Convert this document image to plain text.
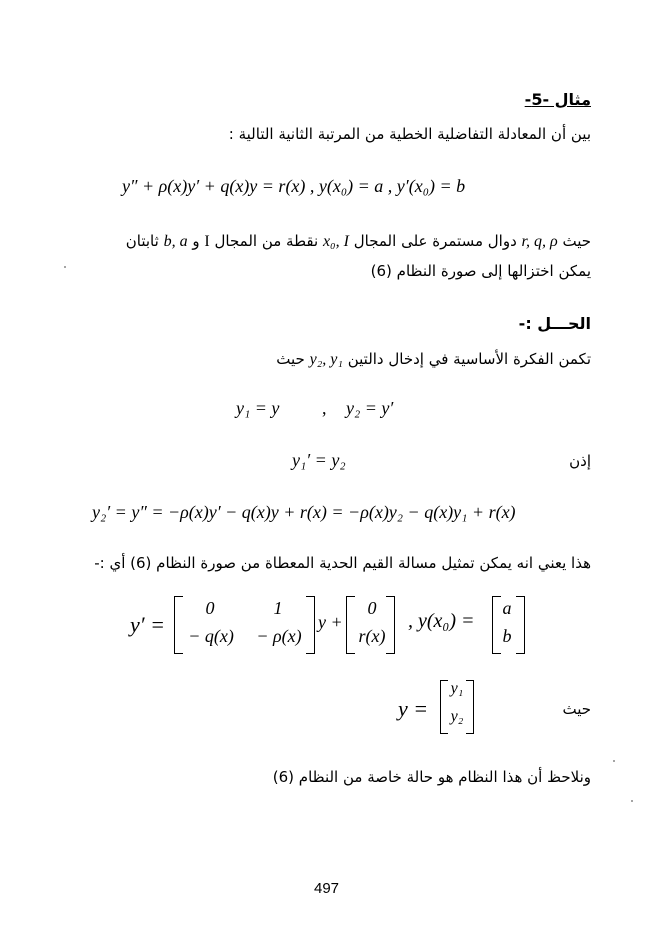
مثال -5-
بين أن المعادلة التفاضلية الخطية من المرتبة الثانية التالية :
y″ + ρ(x)y′ + q(x)y = r(x) , y(x₀) = a , y′(x₀) = b
حيث r, q, ρ دوال مستمرة على المجال x₀, I نقطة من المجال I و b, a ثابتان
يمكن اختزالها إلى صورة النظام (6)
الحـــل :-
تكمن الفكرة الأساسية في إدخال دالتين y₂, y₁ حيث
y₁ = y , y₂ = y′
إذن
y₁′ = y₂
y₂′ = y″ = −ρ(x)y′ − q(x)y + r(x) = −ρ(x)y₂ − q(x)y₁ + r(x)
هذا يعني انه يمكن تمثيل مسالة القيم الحدية المعطاة من صورة النظام (6) أي :-
y′ =
0	1
− q(x)	− ρ(x)
y +
0
r(x)
, y(x₀) =
a
b
حيث
y =
y₁
y₂
ونلاحظ أن هذا النظام هو حالة خاصة من النظام (6)
497
